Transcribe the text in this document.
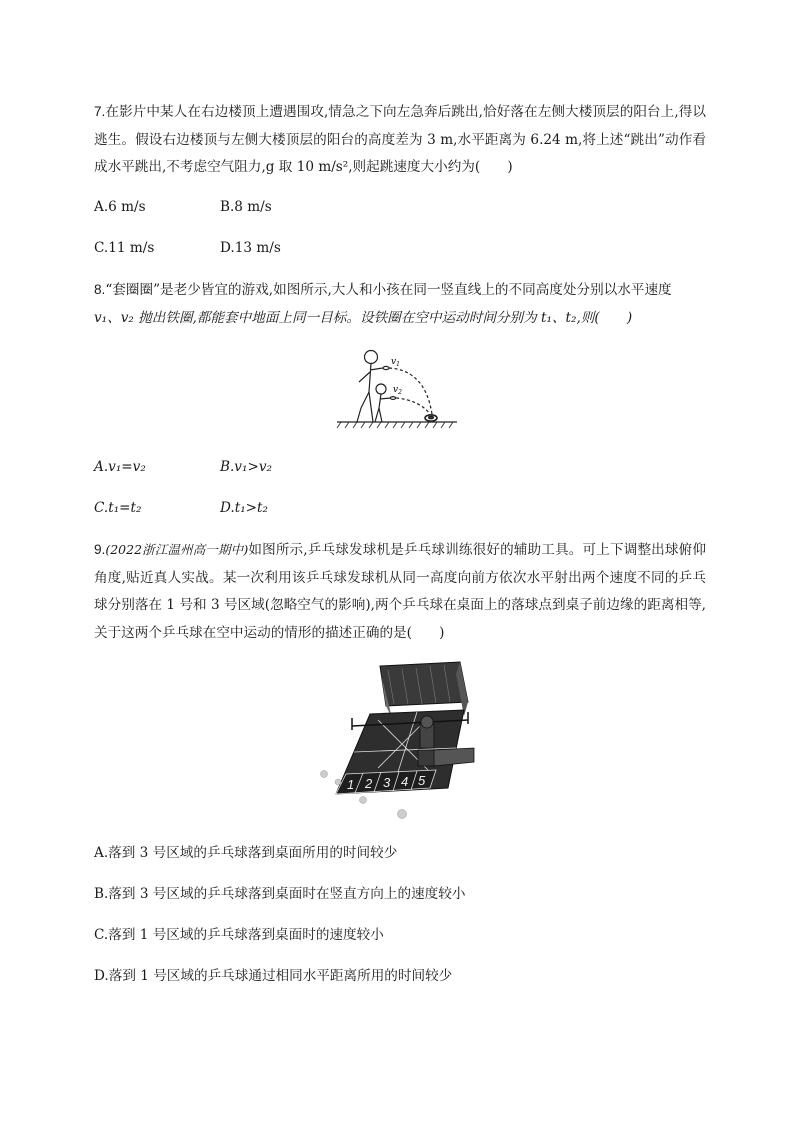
7.在影片中某人在右边楼顶上遭遇围攻,情急之下向左急奔后跳出,恰好落在左侧大楼顶层的阳台上,得以逃生。假设右边楼顶与左侧大楼顶层的阳台的高度差为 3 m,水平距离为 6.24 m,将上述“跳出”动作看成水平跳出,不考虑空气阻力,g 取 10 m/s²,则起跳速度大小约为(　　)

A.6 m/s	B.8 m/s
C.11 m/s	D.13 m/s

8.“套圈圈”是老少皆宜的游戏,如图所示,大人和小孩在同一竖直线上的不同高度处分别以水平速度

v₁、v₂ 抛出铁圈,都能套中地面上同一目标。设铁圈在空中运动时间分别为 t₁、t₂,则(　　)

$v_1$
$v_2$
A.v₁=v₂	B.v₁>v₂
C.t₁=t₂	D.t₁>t₂

9.(2022浙江温州高一期中)如图所示,乒乓球发球机是乒乓球训练很好的辅助工具。可上下调整出球俯仰角度,贴近真人实战。某一次利用该乒乓球发球机从同一高度向前方依次水平射出两个速度不同的乒乓球分别落在 1 号和 3 号区域(忽略空气的影响),两个乒乓球在桌面上的落球点到桌子前边缘的距离相等,关于这两个乒乓球在空中运动的情形的描述正确的是(　　)

1 2 3 4 5

A.落到 3 号区域的乒乓球落到桌面所用的时间较少

B.落到 3 号区域的乒乓球落到桌面时在竖直方向上的速度较小

C.落到 1 号区域的乒乓球落到桌面时的速度较小

D.落到 1 号区域的乒乓球通过相同水平距离所用的时间较少
